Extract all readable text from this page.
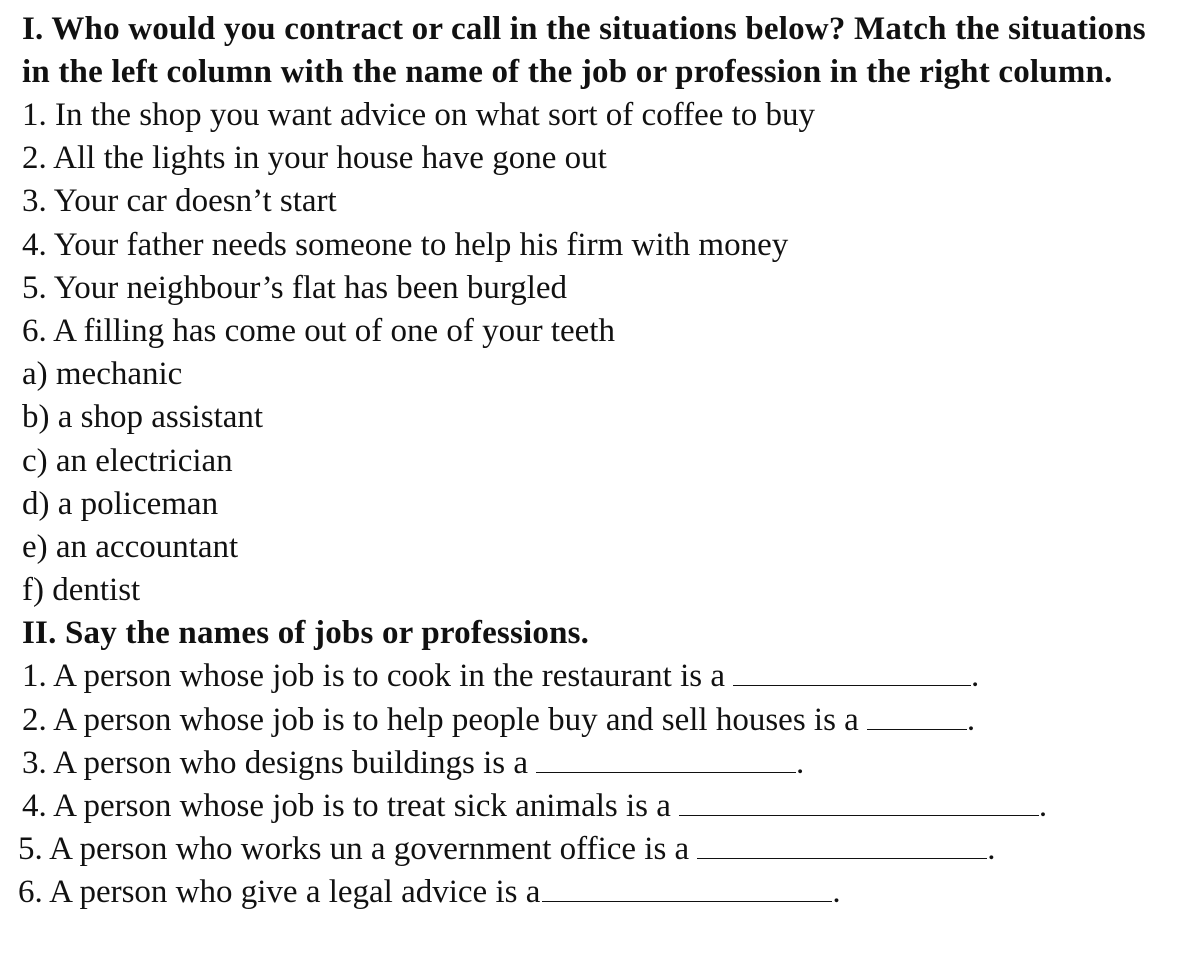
I. Who would you contract or call in the situations below? Match the situations in the left column with the name of the job or profession in the right column.

1. In the shop you want advice on what sort of coffee to buy

2. All the lights in your house have gone out

3. Your car doesn’t start

4. Your father needs someone to help his firm with money

5. Your neighbour’s flat has been burgled

6. A filling has come out of one of your teeth

a) mechanic

b) a shop assistant

c) an electrician

d) a policeman

e) an accountant

f) dentist

II. Say the names of jobs or professions.

1. A person whose job is to cook in the restaurant is a	.

2. A person whose job is to help people buy and sell houses is a	.

3. A person who designs buildings is a	.

4. A person whose job is to treat sick animals is a	.

5. A person who works un a government office is a	.

6. A person who give a legal advice is a	.
